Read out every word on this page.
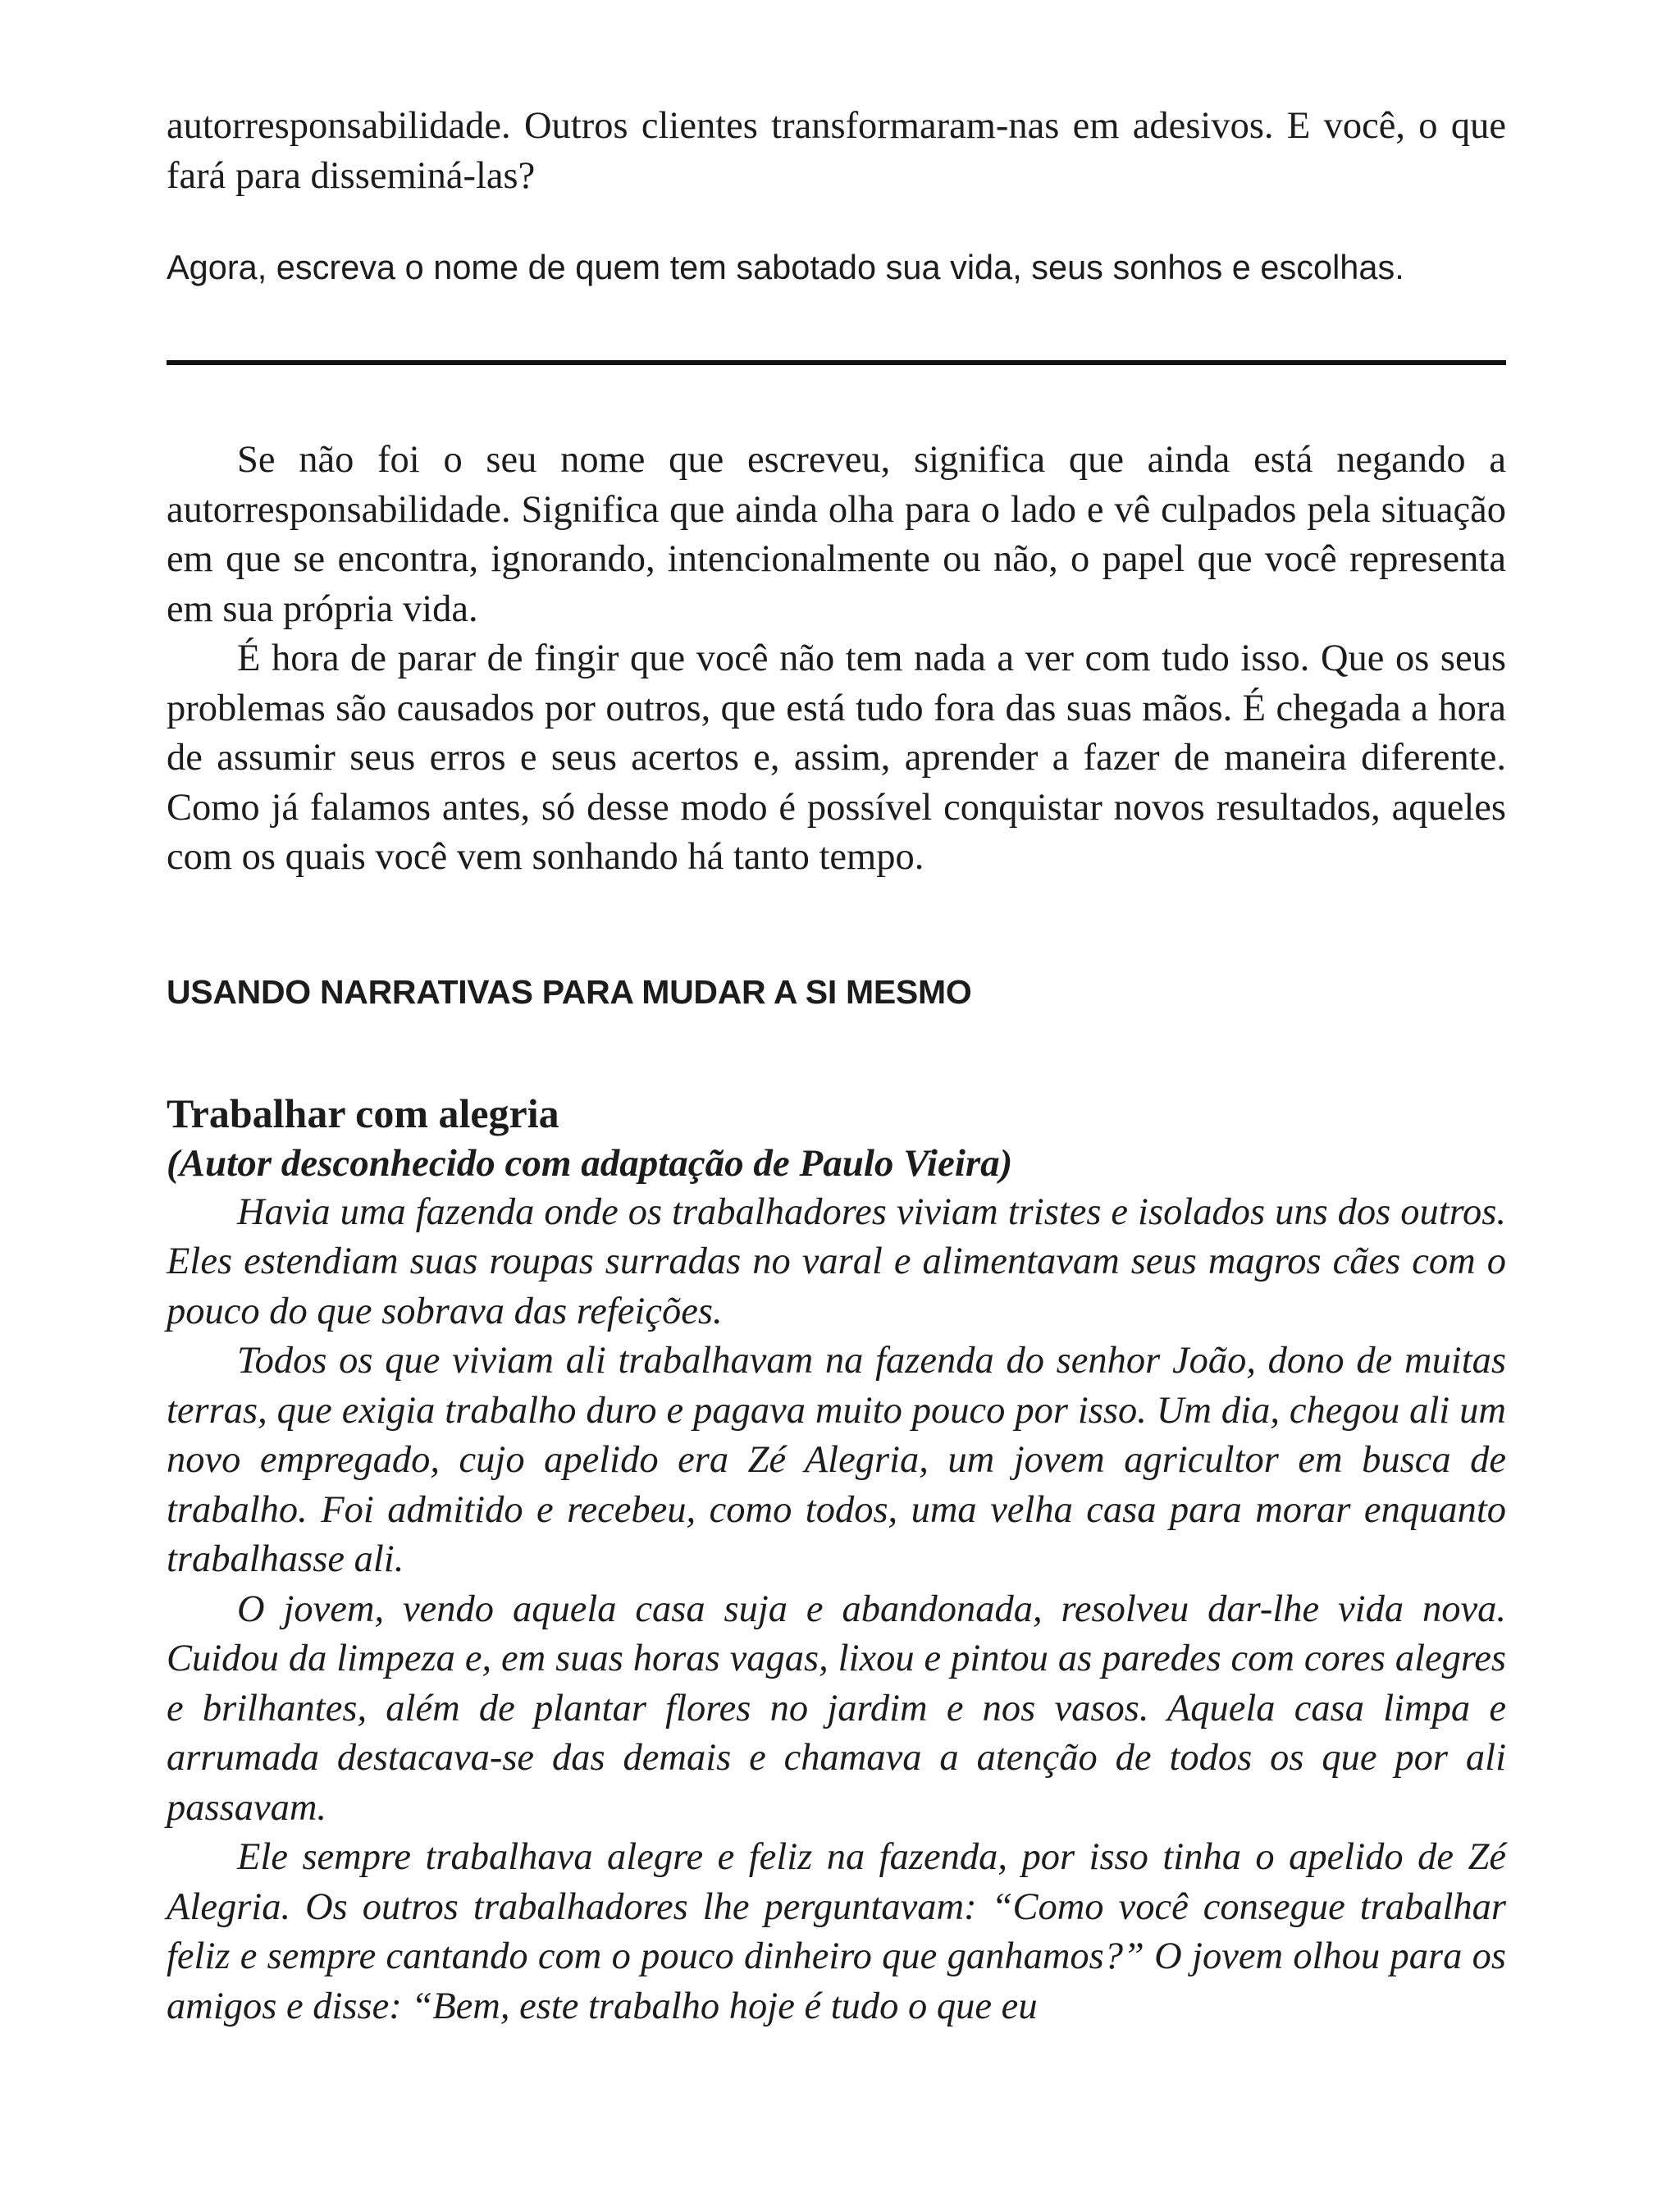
autorresponsabilidade. Outros clientes transformaram-nas em adesivos. E você, o que fará para disseminá-las?

Agora, escreva o nome de quem tem sabotado sua vida, seus sonhos e escolhas.

Se não foi o seu nome que escreveu, significa que ainda está negando a autorresponsabilidade. Significa que ainda olha para o lado e vê culpados pela situação em que se encontra, ignorando, intencionalmente ou não, o papel que você representa em sua própria vida.

É hora de parar de fingir que você não tem nada a ver com tudo isso. Que os seus problemas são causados por outros, que está tudo fora das suas mãos. É chegada a hora de assumir seus erros e seus acertos e, assim, aprender a fazer de maneira diferente. Como já falamos antes, só desse modo é possível conquistar novos resultados, aqueles com os quais você vem sonhando há tanto tempo.

USANDO NARRATIVAS PARA MUDAR A SI MESMO
Trabalhar com alegria

(Autor desconhecido com adaptação de Paulo Vieira)

Havia uma fazenda onde os trabalhadores viviam tristes e isolados uns dos outros. Eles estendiam suas roupas surradas no varal e alimentavam seus magros cães com o pouco do que sobrava das refeições.

Todos os que viviam ali trabalhavam na fazenda do senhor João, dono de muitas terras, que exigia trabalho duro e pagava muito pouco por isso. Um dia, chegou ali um novo empregado, cujo apelido era Zé Alegria, um jovem agricultor em busca de trabalho. Foi admitido e recebeu, como todos, uma velha casa para morar enquanto trabalhasse ali.

O jovem, vendo aquela casa suja e abandonada, resolveu dar-lhe vida nova. Cuidou da limpeza e, em suas horas vagas, lixou e pintou as paredes com cores alegres e brilhantes, além de plantar flores no jardim e nos vasos. Aquela casa limpa e arrumada destacava-se das demais e chamava a atenção de todos os que por ali passavam.

Ele sempre trabalhava alegre e feliz na fazenda, por isso tinha o apelido de Zé Alegria. Os outros trabalhadores lhe perguntavam: “Como você consegue trabalhar feliz e sempre cantando com o pouco dinheiro que ganhamos?” O jovem olhou para os amigos e disse: “Bem, este trabalho hoje é tudo o que eu
